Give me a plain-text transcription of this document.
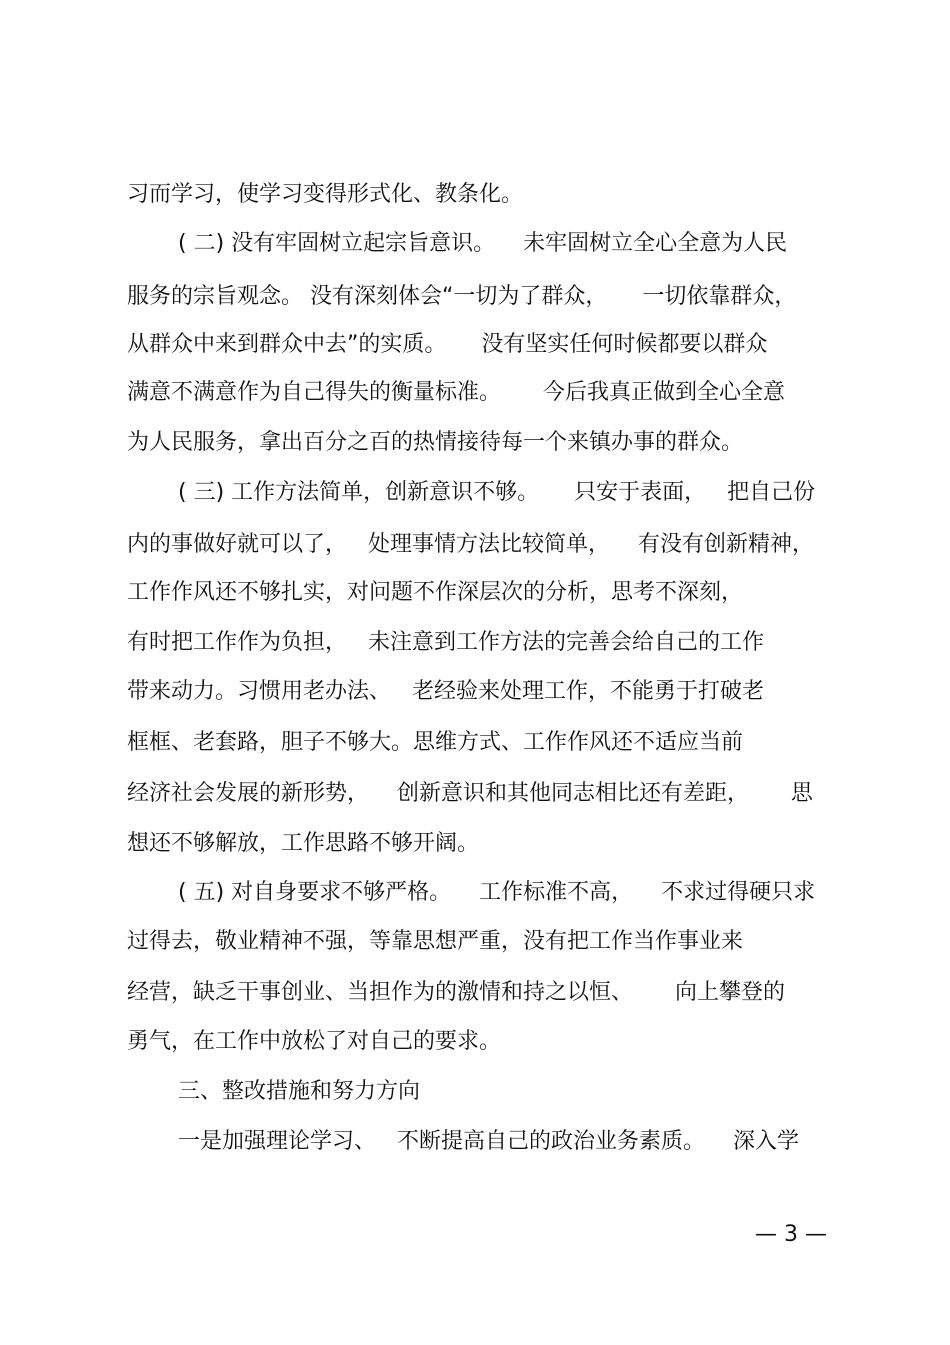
习而学习，使学习变得形式化、教条化。
( 二) 没有牢固树立起宗旨意识。    未牢固树立全心全意为人民
服务的宗旨观念。 没有深刻体会“一切为了群众，     一切依靠群众，
从群众中来到群众中去”的实质。     没有坚实任何时候都要以群众
满意不满意作为自己得失的衡量标准。      今后我真正做到全心全意
为人民服务，拿出百分之百的热情接待每一个来镇办事的群众。
( 三) 工作方法简单，创新意识不够。     只安于表面，   把自己份
内的事做好就可以了，   处理事情方法比较简单，    有没有创新精神，
工作作风还不够扎实，对问题不作深层次的分析，思考不深刻，
有时把工作作为负担，   未注意到工作方法的完善会给自己的工作
带来动力。习惯用老办法、   老经验来处理工作，不能勇于打破老
框框、老套路，胆子不够大。思维方式、工作作风还不适应当前
经济社会发展的新形势，    创新意识和其他同志相比还有差距，      思
想还不够解放，工作思路不够开阔。
( 五) 对自身要求不够严格。    工作标准不高，    不求过得硬只求
过得去，敬业精神不强，等靠思想严重，没有把工作当作事业来
经营，缺乏干事创业、当担作为的激情和持之以恒、      向上攀登的
勇气，在工作中放松了对自己的要求。
三、整改措施和努力方向
一是加强理论学习、   不断提高自己的政治业务素质。    深入学
— 3 —
